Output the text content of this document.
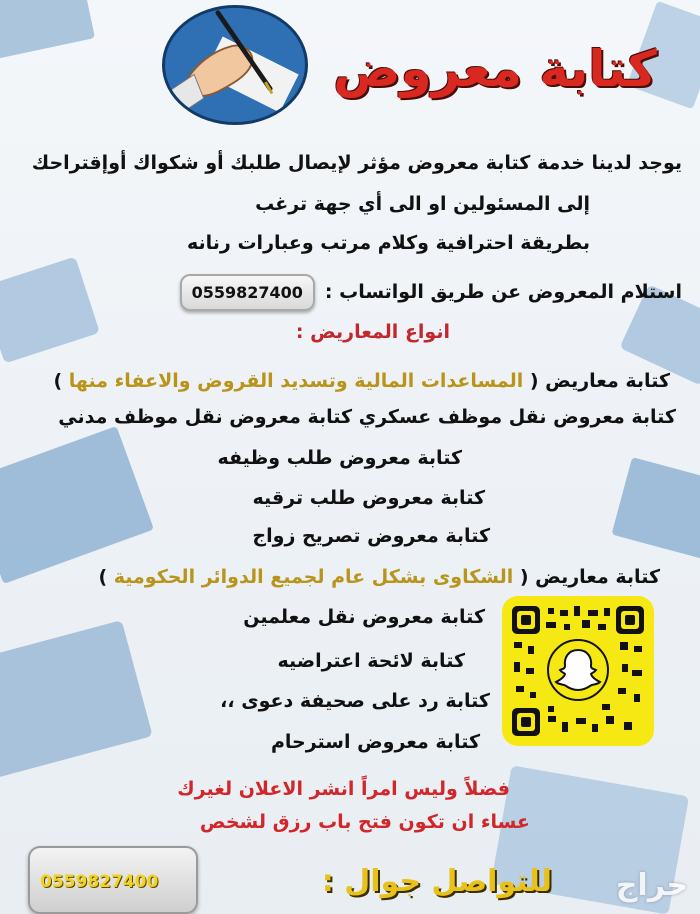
كتابة معروض
يوجد لدينا خدمة كتابة معروض مؤثر لإيصال طلبك أو شكواك أوإقتراحك
إلى المسئولين او الى أي جهة ترغب
بطريقة احترافية وكلام مرتب وعبارات رنانه
استلام المعروض عن طريق الواتساب :
0559827400
انواع المعاريض :
كتابة معاريض ( المساعدات المالية وتسديد القروض والاعفاء منها )
كتابة معروض نقل موظف عسكري كتابة معروض نقل موظف مدني
كتابة معروض طلب وظيفه
كتابة معروض طلب ترقيه
كتابة معروض تصريح زواج
كتابة معاريض ( الشكاوى بشكل عام لجميع الدوائر الحكومية )
كتابة معروض نقل معلمين
كتابة لائحة اعتراضيه
كتابة رد على صحيفة دعوى ،،
كتابة معروض استرحام
فضلاً وليس امراً انشر الاعلان لغيرك
عساء ان تكون فتح باب رزق لشخص
0559827400	للتواصل جوال : حراج
